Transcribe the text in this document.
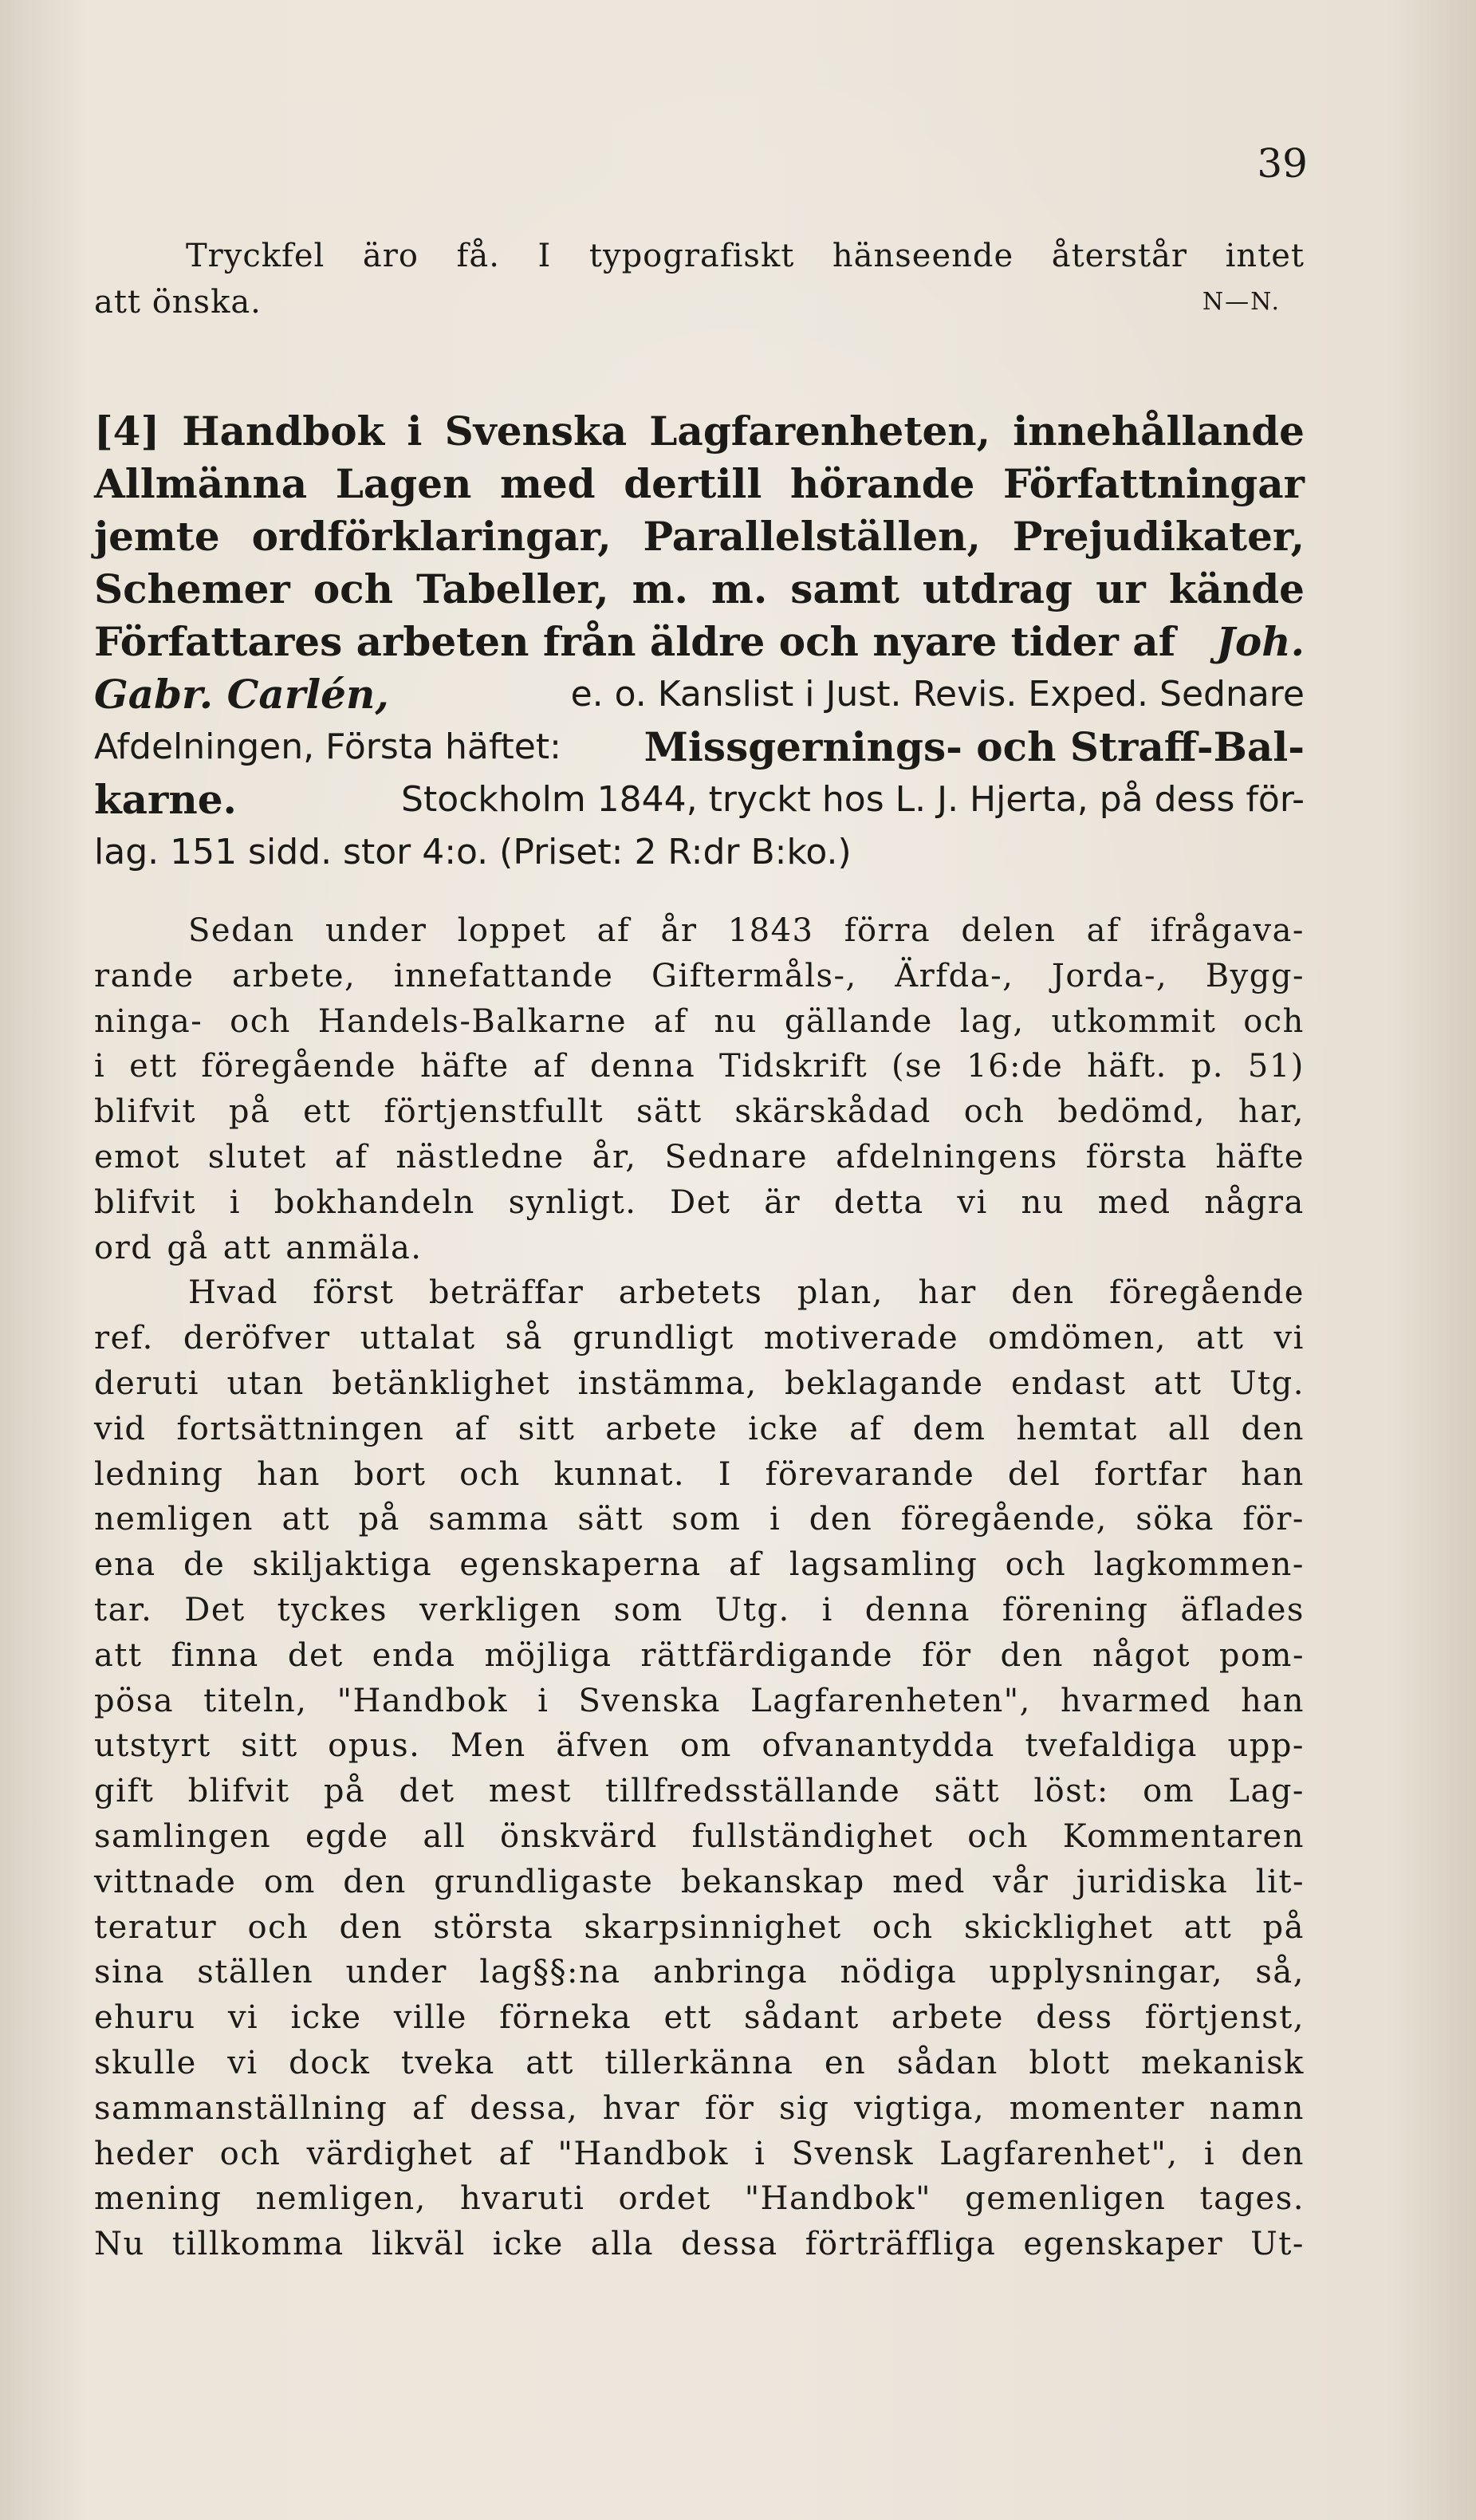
39
Tryckfel äro få. I typografiskt hänseende återstår intet
att önska.	N—N.
[4] Handbok i Svenska Lagfarenheten, innehållande
Allmänna Lagen med dertill hörande Författningar
jemte ordförklaringar, Parallelställen, Prejudikater,
Schemer och Tabeller, m. m. samt utdrag ur kände
Författares arbeten från äldre och nyare tider af Joh.
Gabr. Carlén,	e. o. Kanslist i Just. Revis. Exped. Sednare
Afdelningen, Första häftet: Missgernings- och Straff-Bal-
karne.	Stockholm 1844, tryckt hos L. J. Hjerta, på dess för-
lag. 151 sidd. stor 4:o. (Priset: 2 R:dr B:ko.)
Sedan under loppet af år 1843 förra delen af ifrågava-
rande arbete, innefattande Giftermåls-, Ärfda-, Jorda-, Bygg-
ninga- och Handels-Balkarne af nu gällande lag, utkommit och
i ett föregående häfte af denna Tidskrift (se 16:de häft. p. 51)
blifvit på ett förtjenstfullt sätt skärskådad och bedömd, har,
emot slutet af nästledne år, Sednare afdelningens första häfte
blifvit i bokhandeln synligt. Det är detta vi nu med några
ord gå att anmäla.
Hvad först beträffar arbetets plan, har den föregående
ref. deröfver uttalat så grundligt motiverade omdömen, att vi
deruti utan betänklighet instämma, beklagande endast att Utg.
vid fortsättningen af sitt arbete icke af dem hemtat all den
ledning han bort och kunnat. I förevarande del fortfar han
nemligen att på samma sätt som i den föregående, söka för-
ena de skiljaktiga egenskaperna af lagsamling och lagkommen-
tar. Det tyckes verkligen som Utg. i denna förening äflades
att finna det enda möjliga rättfärdigande för den något pom-
pösa titeln, "Handbok i Svenska Lagfarenheten", hvarmed han
utstyrt sitt opus. Men äfven om ofvanantydda tvefaldiga upp-
gift blifvit på det mest tillfredsställande sätt löst: om Lag-
samlingen egde all önskvärd fullständighet och Kommentaren
vittnade om den grundligaste bekanskap med vår juridiska lit-
teratur och den största skarpsinnighet och skicklighet att på
sina ställen under lag§§:na anbringa nödiga upplysningar, så,
ehuru vi icke ville förneka ett sådant arbete dess förtjenst,
skulle vi dock tveka att tillerkänna en sådan blott mekanisk
sammanställning af dessa, hvar för sig vigtiga, momenter namn
heder och värdighet af "Handbok i Svensk Lagfarenhet", i den
mening nemligen, hvaruti ordet "Handbok" gemenligen tages.
Nu tillkomma likväl icke alla dessa förträffliga egenskaper Ut-
